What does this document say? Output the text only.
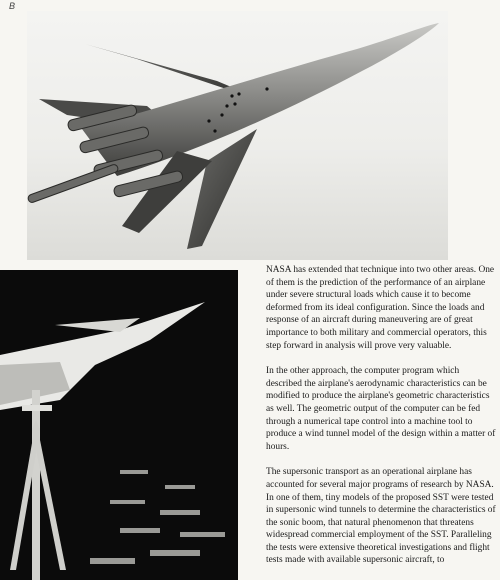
B

NASA has extended that technique into two other areas. One of them is the prediction of the performance of an airplane under severe structural loads which cause it to become deformed from its ideal configuration. Since the loads and response of an aircraft during maneuvering are of great importance to both military and commercial operators, this step forward in analysis will prove very valuable.

In the other approach, the computer program which described the airplane's aerodynamic characteristics can be modified to produce the airplane's geometric characteristics as well. The geometric output of the computer can be fed through a numerical tape control into a machine tool to produce a wind tunnel model of the design within a matter of hours.

The supersonic transport as an operational airplane has accounted for several major programs of research by NASA. In one of them, tiny models of the proposed SST were tested in supersonic wind tunnels to determine the characteristics of the sonic boom, that natural phenomenon that threatens widespread commercial employment of the SST. Paralleling the tests were extensive theoretical investigations and flight tests made with available supersonic aircraft, to
